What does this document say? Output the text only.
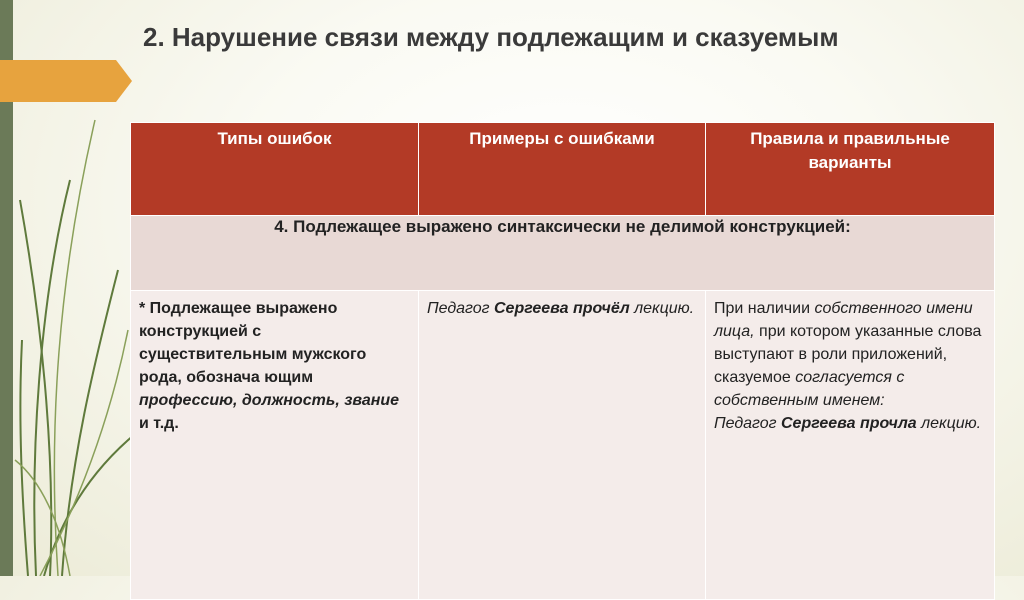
2. Нарушение связи между подлежащим и сказуемым
Типы ошибок	Примеры с ошибками	Правила и правильные варианты
4. Подлежащее выражено синтаксически не делимой конструкцией:		
* Подлежащее выражено конструкцией с существительным мужского рода, обознача ющим профессию, должность, звание и т.д.	Педагог Сергеева прочёл лекцию.	При наличии собственного имени лица, при котором указанные слова выступают в роли приложений, сказуемое согласуется с собственным именем:
Педагог Сергеева прочла лекцию.
